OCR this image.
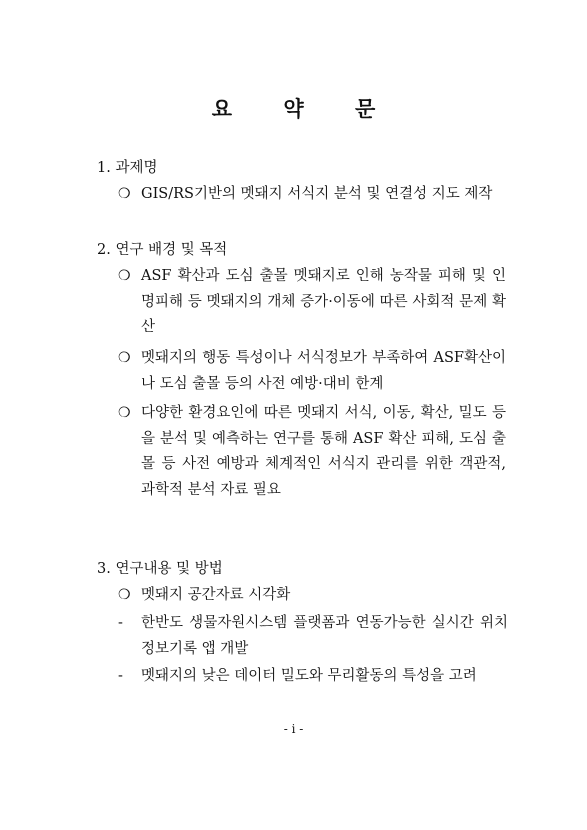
요 약 문
1. 과제명
❍ GIS/RS기반의 멧돼지 서식지 분석 및 연결성 지도 제작
2. 연구 배경 및 목적
❍ ASF 확산과 도심 출몰 멧돼지로 인해 농작물 피해 및 인명피해 등 멧돼지의 개체 증가·이동에 따른 사회적 문제 확산
❍ 멧돼지의 행동 특성이나 서식정보가 부족하여 ASF확산이나 도심 출몰 등의 사전 예방·대비 한계
❍ 다양한 환경요인에 따른 멧돼지 서식, 이동, 확산, 밀도 등을 분석 및 예측하는 연구를 통해 ASF 확산 피해, 도심 출몰 등 사전 예방과 체계적인 서식지 관리를 위한 객관적, 과학적 분석 자료 필요
3. 연구내용 및 방법
❍ 멧돼지 공간자료 시각화
- 한반도 생물자원시스템 플랫폼과 연동가능한 실시간 위치 정보기록 앱 개발
- 멧돼지의 낮은 데이터 밀도와 무리활동의 특성을 고려
- i -
